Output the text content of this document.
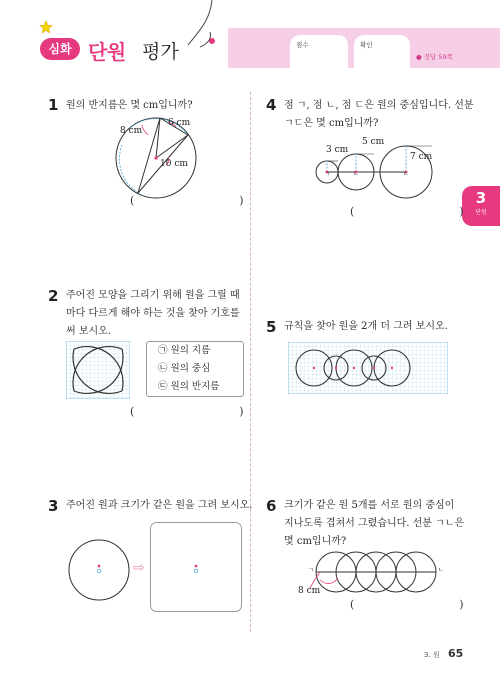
점수	확인
● 정답 59쪽
심화 단원 평가
3
단원
1 원의 반지름은 몇 cm입니까?
6 cm
8 cm
10 cm
(                              )
2 주어진 모양을 그리기 위해 원을 그릴 때
마다 다르게 해야 하는 것을 찾아 기호를
써 보시오.
㉠ 원의 지름
㉡ 원의 중심
㉢ 원의 반지름
(                              )
3 주어진 원과 크기가 같은 원을 그려 보시오.
⇨
4 점 ㄱ, 점 ㄴ, 점 ㄷ은 원의 중심입니다. 선분
ㄱㄷ은 몇 cm입니까?
3 cm
5 cm
7 cm
ㄱ	ㄴ	ㄷ
(                              )
5 규칙을 찾아 원을 2개 더 그려 보시오.
6 크기가 같은 원 5개를 서로 원의 중심이
지나도록 겹쳐서 그렸습니다. 선분 ㄱㄴ은
몇 cm입니까?
ㄱ	ㄴ
8 cm
(                              )
3. 원 65
